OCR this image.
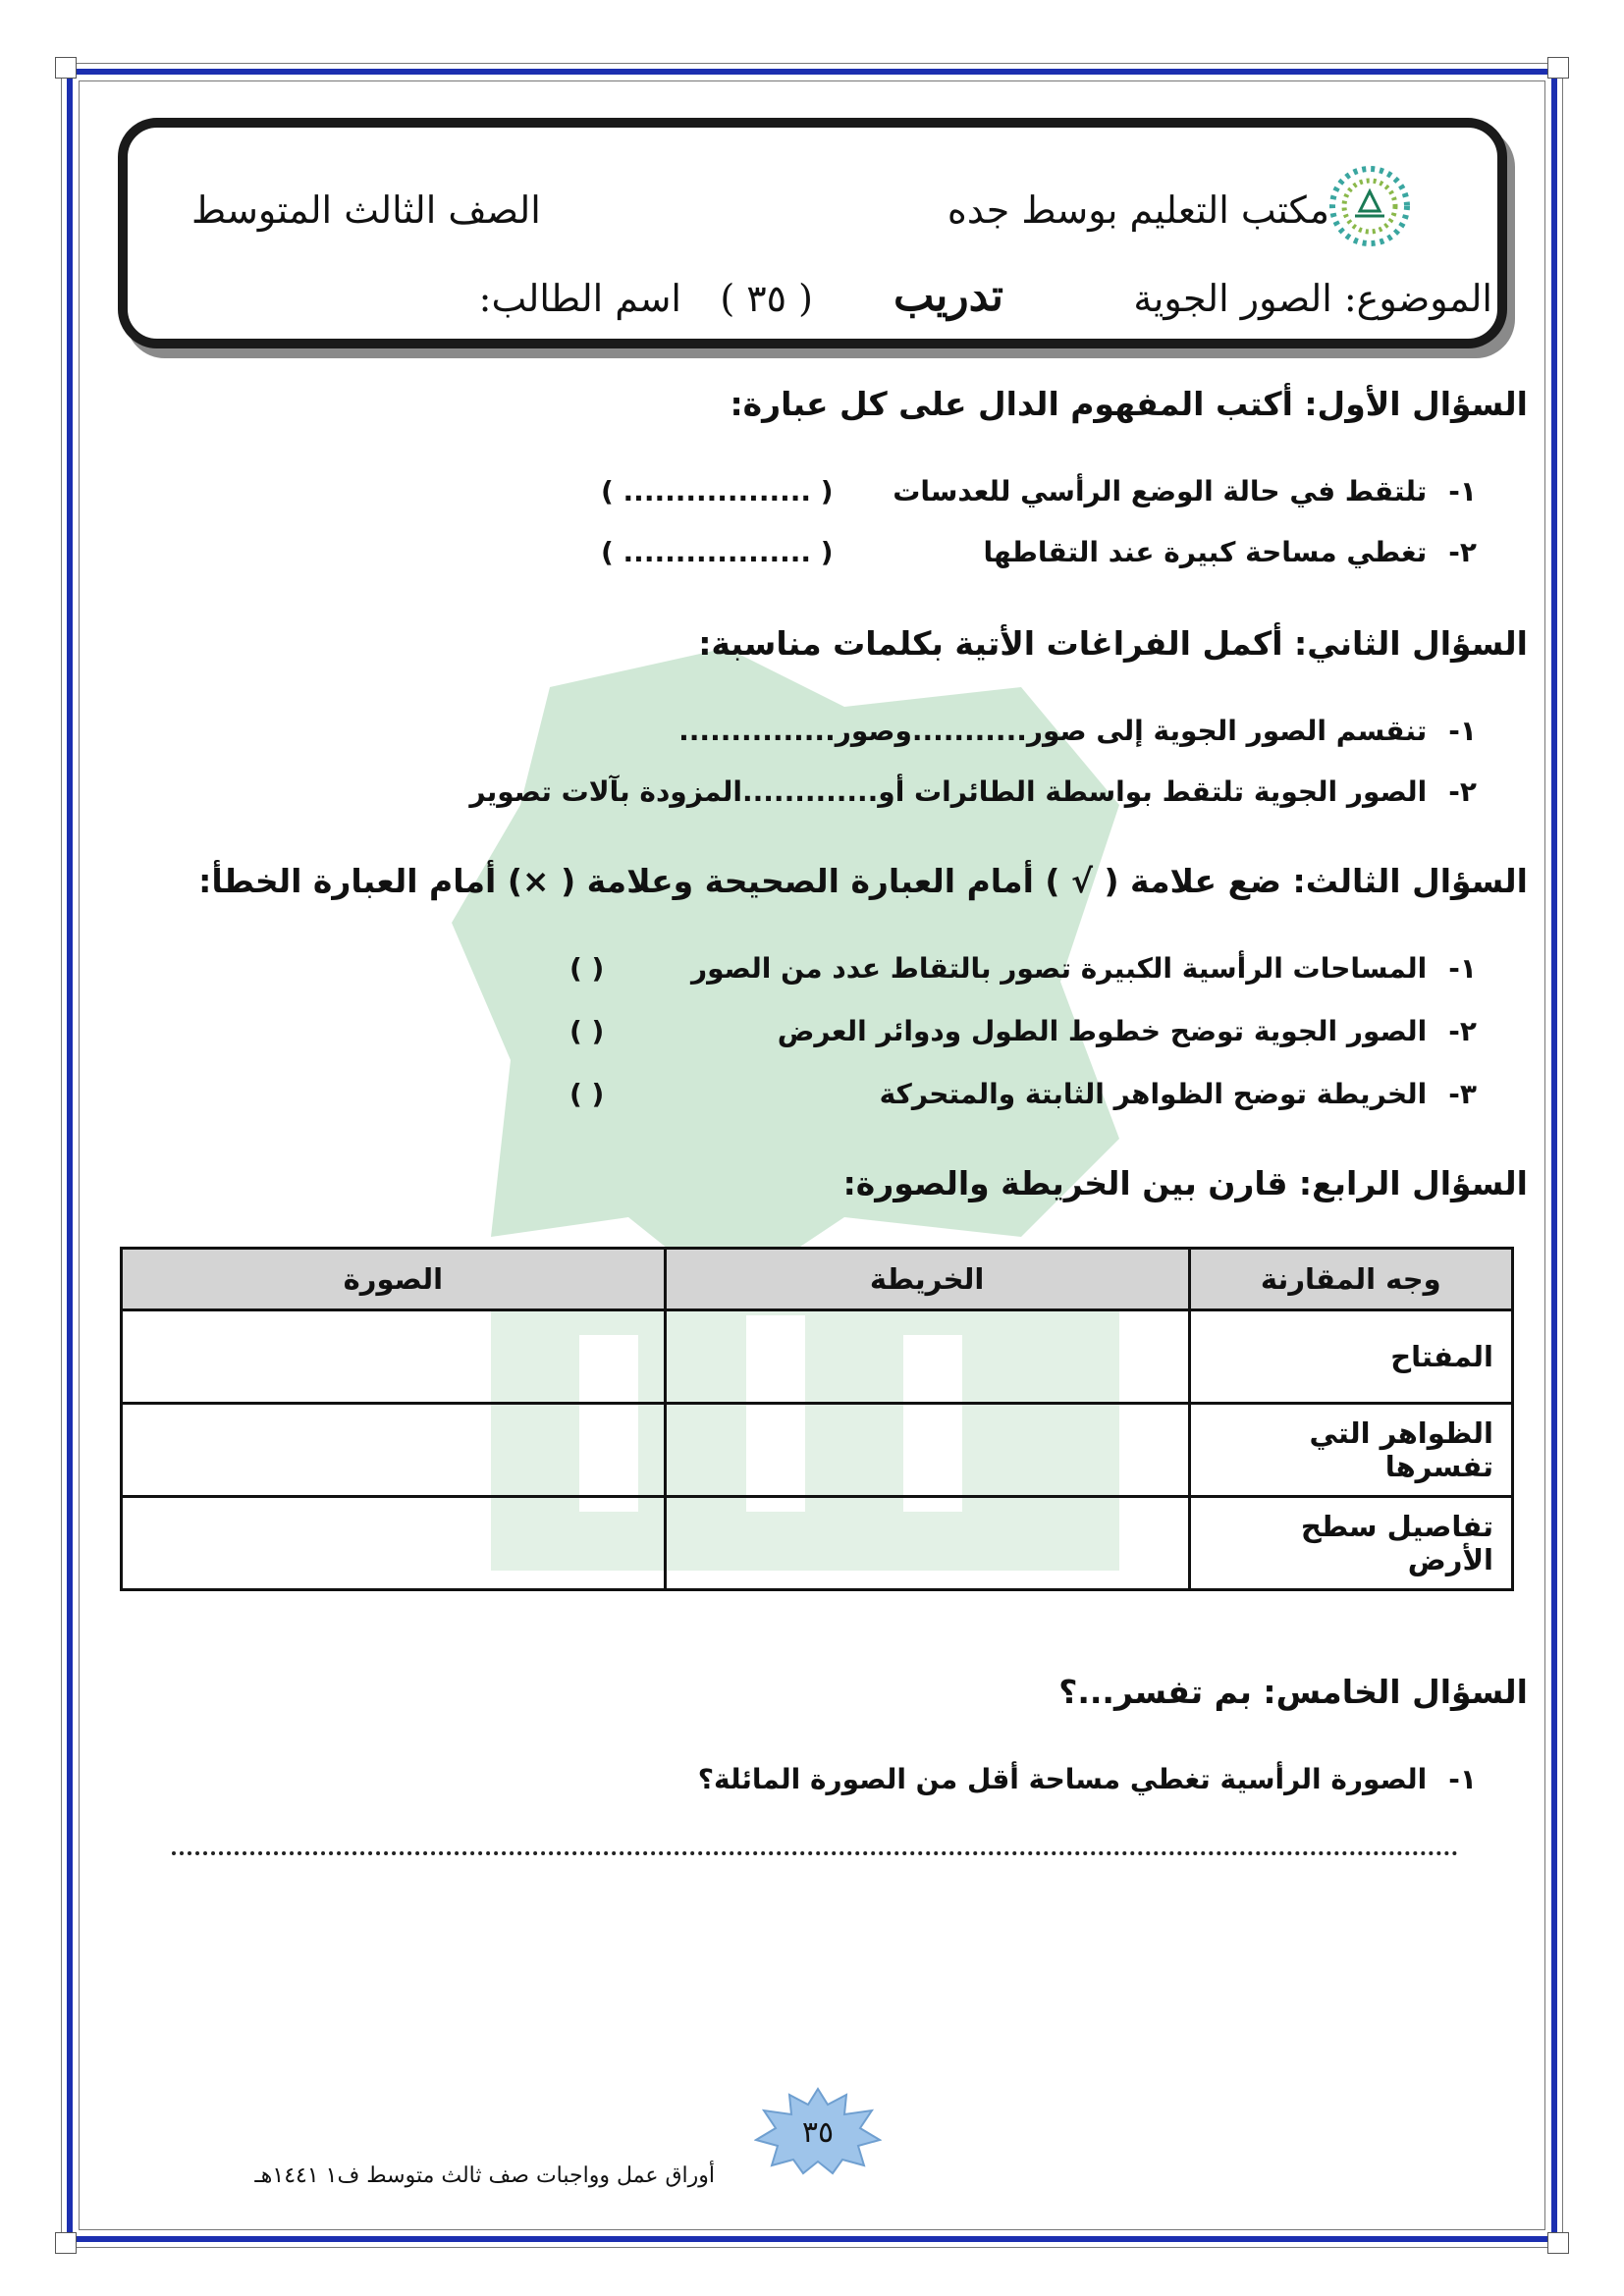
مكتب التعليم بوسط جده
الصف الثالث المتوسط
الموضوع: الصور الجوية
تدريب
( ٣٥ )
اسم الطالب:
السؤال الأول: أكتب المفهوم الدال على كل عبارة:
١-تلتقط في حالة الوضع الرأسي للعدسات
( .................. )
٢-تغطي مساحة كبيرة عند التقاطها
( .................. )
السؤال الثاني: أكمل الفراغات الأتية بكلمات مناسبة:
١-تنقسم الصور الجوية إلى صور...........وصور...............
٢-الصور الجوية تلتقط بواسطة الطائرات أو.............المزودة بآلات تصوير
السؤال الثالث: ضع علامة ( √ ) أمام العبارة الصحيحة وعلامة ( ×) أمام العبارة الخطأ:
١-المساحات الرأسية الكبيرة تصور بالتقاط عدد من الصور
( )
٢-الصور الجوية توضح خطوط الطول ودوائر العرض
( )
٣-الخريطة توضح الظواهر الثابتة والمتحركة
( )
السؤال الرابع: قارن بين الخريطة والصورة:
وجه المقارنة	الخريطة	الصورة
المفتاح		
الظواهر التي تفسرها		
تفاصيل سطح الأرض		
السؤال الخامس: بم تفسر...؟
١-الصورة الرأسية تغطي مساحة أقل من الصورة المائلة؟
٣٥
أوراق عمل وواجبات صف ثالث متوسط ف١ ١٤٤١هـ
